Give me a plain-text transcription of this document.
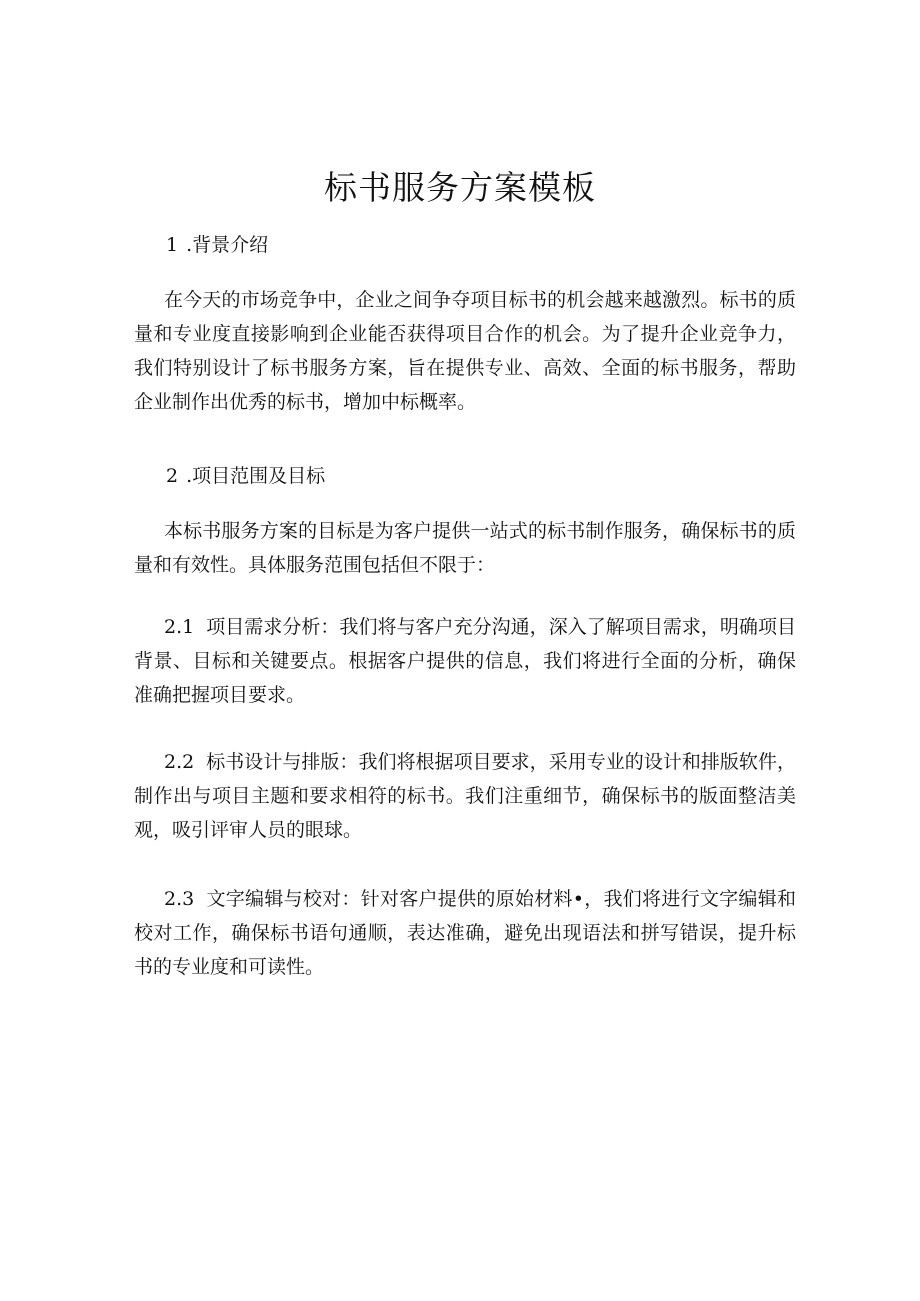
标书服务方案模板
1 .背景介绍

在今天的市场竞争中，企业之间争夺项目标书的机会越来越激烈。标书的质量和专业度直接影响到企业能否获得项目合作的机会。为了提升企业竞争力，我们特别设计了标书服务方案，旨在提供专业、高效、全面的标书服务，帮助企业制作出优秀的标书，增加中标概率。

2 .项目范围及目标

本标书服务方案的目标是为客户提供一站式的标书制作服务，确保标书的质量和有效性。具体服务范围包括但不限于：

2.1 项目需求分析：我们将与客户充分沟通，深入了解项目需求，明确项目背景、目标和关键要点。根据客户提供的信息，我们将进行全面的分析，确保准确把握项目要求。

2.2 标书设计与排版：我们将根据项目要求，采用专业的设计和排版软件，制作出与项目主题和要求相符的标书。我们注重细节，确保标书的版面整洁美观，吸引评审人员的眼球。

2.3 文字编辑与校对：针对客户提供的原始材料•，我们将进行文字编辑和校对工作，确保标书语句通顺，表达准确，避免出现语法和拼写错误，提升标书的专业度和可读性。
